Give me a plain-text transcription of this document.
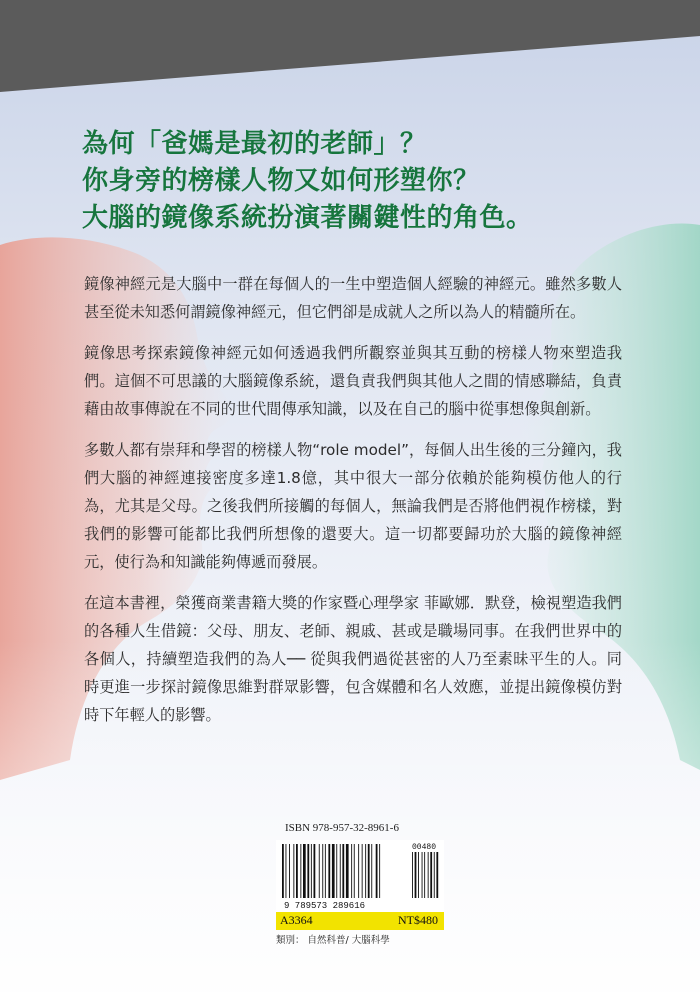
為何「爸媽是最初的老師」？
你身旁的榜樣人物又如何形塑你？
大腦的鏡像系統扮演著關鍵性的角色。

鏡像神經元是大腦中一群在每個人的一生中塑造個人經驗的神經元。雖然多數人甚至從未知悉何謂鏡像神經元，但它們卻是成就人之所以為人的精髓所在。

鏡像思考探索鏡像神經元如何透過我們所觀察並與其互動的榜樣人物來塑造我們。這個不可思議的大腦鏡像系統，還負責我們與其他人之間的情感聯結，負責藉由故事傳說在不同的世代間傳承知識，以及在自己的腦中從事想像與創新。

多數人都有崇拜和學習的榜樣人物“role model”，每個人出生後的三分鐘內，我們大腦的神經連接密度多達1.8億，其中很大一部分依賴於能夠模仿他人的行為，尤其是父母。之後我們所接觸的每個人，無論我們是否將他們視作榜樣，對我們的影響可能都比我們所想像的還要大。這一切都要歸功於大腦的鏡像神經元，使行為和知識能夠傳遞而發展。

在這本書裡，榮獲商業書籍大獎的作家暨心理學家 菲歐娜．默登，檢視塑造我們的各種人生借鏡：父母、朋友、老師、親戚、甚或是職場同事。在我們世界中的各個人，持續塑造我們的為人── 從與我們過從甚密的人乃至素昧平生的人。同時更進一步探討鏡像思維對群眾影響，包含媒體和名人效應，並提出鏡像模仿對時下年輕人的影響。

ISBN 978-957-32-8961-6
9 789573 289616
00480
A3364	NT$480
類別： 自然科普/ 大腦科學
